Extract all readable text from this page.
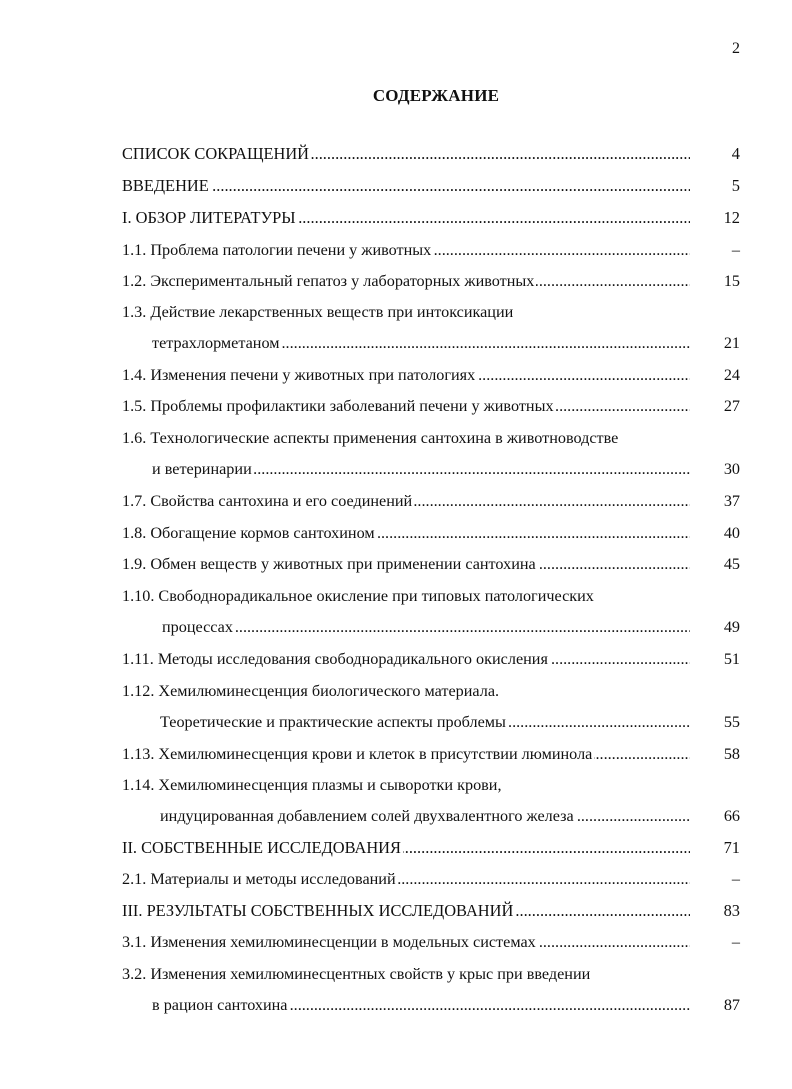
2
СОДЕРЖАНИЕ
СПИСОК СОКРАЩЕНИЙ .....	4
ВВЕДЕНИЕ .....	5
I. ОБЗОР ЛИТЕРАТУРЫ .....	12
1.1. Проблема патологии печени у животных .....	–
1.2. Экспериментальный гепатоз у лабораторных животных .....	15
1.3. Действие лекарственных веществ при интоксикации
тетрахлорметаном .....	21
1.4. Изменения печени у животных при патологиях .....	24
1.5. Проблемы профилактики заболеваний печени у животных .....	27
1.6. Технологические аспекты применения сантохина в животноводстве
и ветеринарии .....	30
1.7. Свойства сантохина и его соединений .....	37
1.8. Обогащение кормов сантохином .....	40
1.9. Обмен веществ у животных при применении сантохина .....	45
1.10. Свободнорадикальное окисление при типовых патологических
процессах .....	49
1.11. Методы исследования свободнорадикального окисления .....	51
1.12. Хемилюминесценция биологического материала.
Теоретические и практические аспекты проблемы .....	55
1.13. Хемилюминесценция крови и клеток в присутствии люминола .....	58
1.14. Хемилюминесценция плазмы и сыворотки крови,
индуцированная добавлением солей двухвалентного железа .....	66
II. СОБСТВЕННЫЕ ИССЛЕДОВАНИЯ .....	71
2.1. Материалы и методы исследований .....	–
III. РЕЗУЛЬТАТЫ СОБСТВЕННЫХ ИССЛЕДОВАНИЙ .....	83
3.1. Изменения хемилюминесценции в модельных системах .....	–
3.2. Изменения хемилюминесцентных свойств у крыс при введении
в рацион сантохина .....	87
